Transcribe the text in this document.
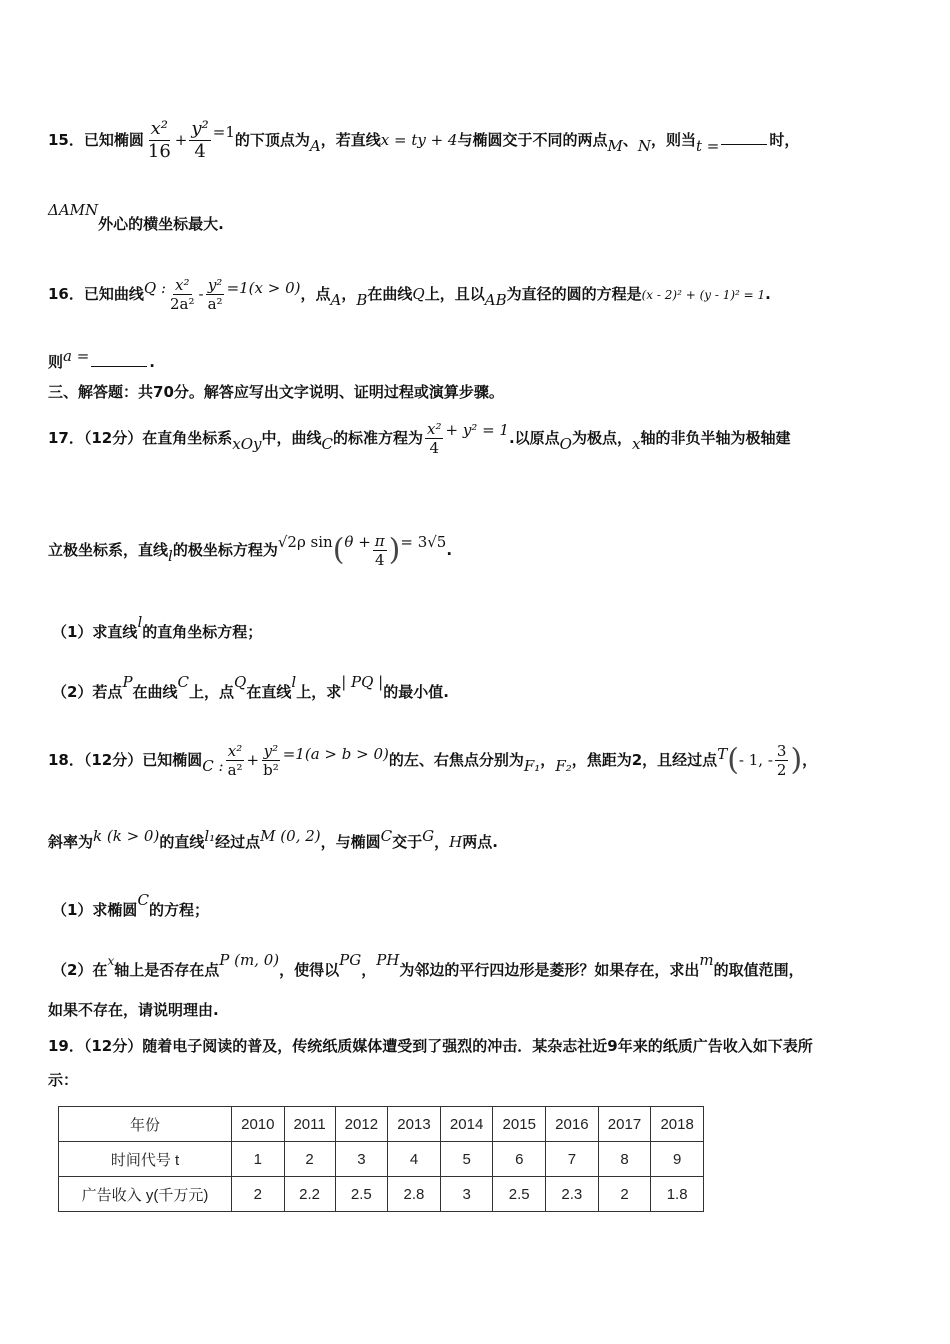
15．已知椭圆 $\frac{\text{x²}}{16} + \frac{\text{y²}}{4} =1$的下顶点为A，若直线x = ty + 4与椭圆交于不同的两点M、N，则当t =	时，
ΔAMN外心的横坐标最大.
16．已知曲线Q : $\frac{\text{x²}}{\text{2a²}} - \frac{\text{y²}}{\text{a²}} =1(x > 0)$，点A，B在曲线Q上，且以AB为直径的圆的方程是(x - 2)² + (y - 1)² = 1.
则a =	.
三、解答题：共70分。解答应写出文字说明、证明过程或演算步骤。
17．（12分）在直角坐标系xOy中，曲线C的标准方程为 $\frac{\text{x²}}{4} + y^2 = 1$.以原点O为极点，x轴的非负半轴为极轴建
立极坐标系，直线l的极坐标方程为√2ρ $\sin(\theta + \frac{\pi}{4}$ )= 3√5.
（1）求直线l的直角坐标方程；
（2）若点P在曲线C上，点Q在直线l上，求| PQ |的最小值.
18．（12分）已知椭圆C : $\frac{\text{x²}}{\text{a²}} + \frac{\text{y²}}{\text{b²}} =1(a > b > 0)$的左、右焦点分别为F₁，F₂，焦距为2，且经过点T(- 1, - $\frac{3}{2}$ )，
斜率为k (k > 0)的直线l₁经过点M (0, 2)，与椭圆C交于G，H两点.
（1）求椭圆C的方程；
（2）在$^x$轴上是否存在点P (m, 0)，使得以PG，PH为邻边的平行四边形是菱形？如果存在，求出m的取值范围，
如果不存在，请说明理由.
19．（12分）随着电子阅读的普及，传统纸质媒体遭受到了强烈的冲击．某杂志社近9年来的纸质广告收入如下表所
示：
年份	2010	2011	2012	2013	2014	2015	2016	2017	2018
时间代号 t	1	2	3	4	5	6	7	8	9
广告收入 y(千万元)	2	2.2	2.5	2.8	3	2.5	2.3	2	1.8
